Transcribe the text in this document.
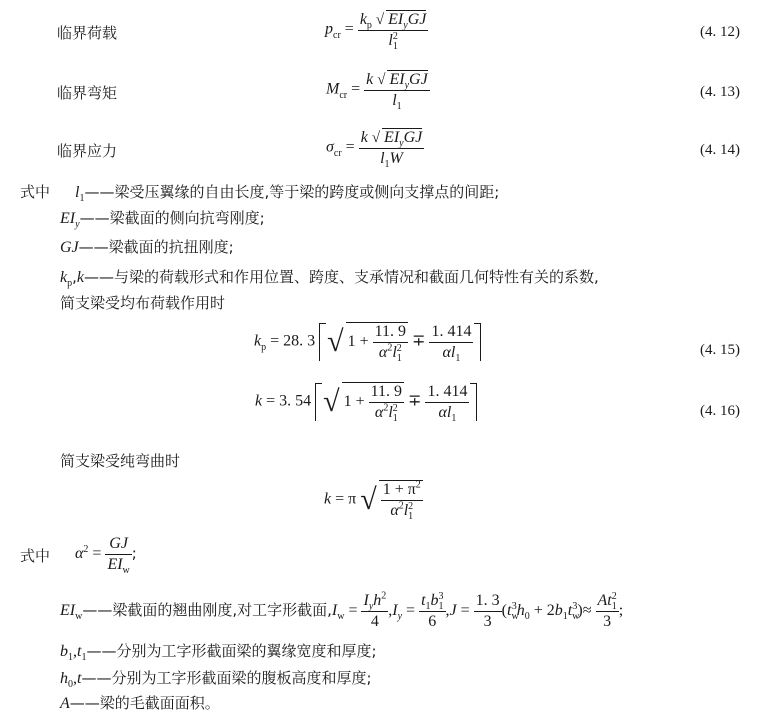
临界荷载	$p_{cr} = \frac{k_p √ EI_yGJ}{l_1^2}$	(4. 12)
临界弯矩	$M_{cr} = \frac{k √ EI_yGJ}{l_1}$	(4. 13)
临界应力	$\sigma_{cr} = \frac{k √ EI_yGJ}{l_1W}$	(4. 14)
式中 $l_1——$梁受压翼缘的自由长度,等于梁的跨度或侧向支撑点的间距;
$EI_y——$梁截面的侧向抗弯刚度;
GJ——梁截面的抗扭刚度;
$k_p,k——$与梁的荷载形式和作用位置、跨度、支承情况和截面几何特性有关的系数,
简支梁受均布荷载作用时
$k_p = 28$. 3 √ $1 + \frac{11. 9}{\alpha^2l_1^2} \mp \frac{1. 414}{\alpha l_1}$	(4. 15)
k = 3. 54 √ $1 + \frac{11. 9}{\alpha^2l_1^2} \mp \frac{1. 414}{\alpha l_1}$	(4. 16)
简支梁受纯弯曲时
k = π √ $\frac{1 + \pi^2}{\alpha^2l_1^2}$
式中 $\alpha^2 = \frac{GJ}{EI_w}$ ;
$EI_w——$梁截面的翘曲刚度,对工字形截面$,I_w = \frac{I_yh^2}{4} ,I_y = \frac{t_1b_1^3}{6} ,J = \frac{1. 3}{3} (t_w^3h_0 + 2b_1t_w^3)\approx \frac{At_1^2}{3}$ ;
$b_1,t_1——$分别为工字形截面梁的翼缘宽度和厚度;
$h_0,t——$分别为工字形截面梁的腹板高度和厚度;
A——梁的毛截面面积。
